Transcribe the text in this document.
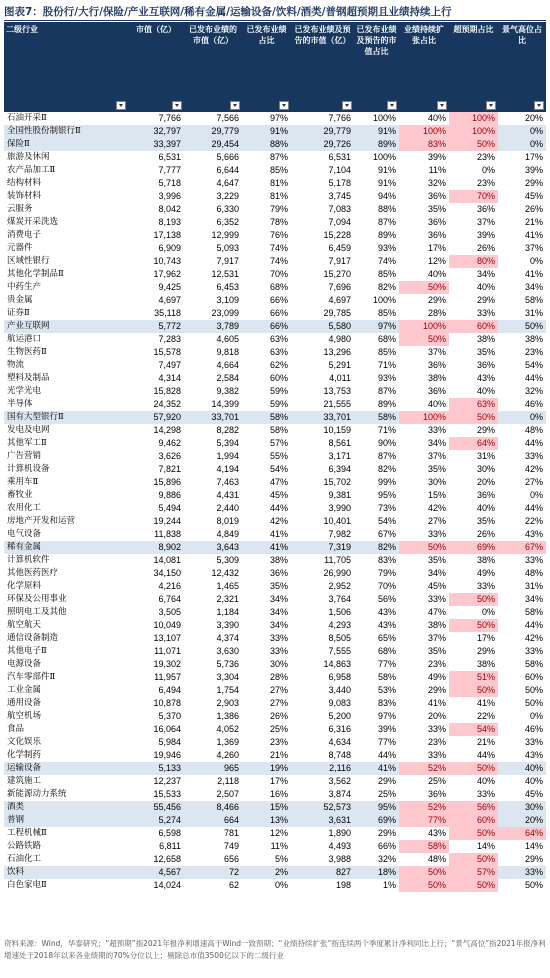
图表7：股份行/大行/保险/产业互联网/稀有金属/运输设备/饮料/酒类/普钢超预期且业绩持续上行
二级行业	市值（亿）	已发布业绩的市值（亿）	已发布业绩占比	已发布业绩及预告的市值（亿）	已发布业绩及预告的市值占比	业绩持续扩张占比	超预期占比	景气高位占比

石油开采Ⅱ	7,766	7,566	97%	7,766	100%	40%	100%	20%
全国性股份制银行Ⅱ	32,797	29,779	91%	29,779	91%	100%	100%	0%
保险Ⅱ	33,397	29,454	88%	29,726	89%	83%	50%	0%
旅游及休闲	6,531	5,666	87%	6,531	100%	39%	23%	17%
农产品加工Ⅱ	7,777	6,644	85%	7,104	91%	11%	0%	39%
结构材料	5,718	4,647	81%	5,178	91%	32%	23%	29%
装饰材料	3,996	3,229	81%	3,745	94%	36%	70%	45%
云服务	8,042	6,330	79%	7,083	88%	35%	36%	26%
煤炭开采洗选	8,193	6,352	78%	7,094	87%	36%	37%	21%
消费电子	17,138	12,999	76%	15,228	89%	36%	39%	41%
元器件	6,909	5,093	74%	6,459	93%	17%	26%	37%
区域性银行	10,743	7,917	74%	7,917	74%	12%	80%	0%
其他化学制品Ⅱ	17,962	12,531	70%	15,270	85%	40%	34%	41%
中药生产	9,425	6,453	68%	7,696	82%	50%	40%	34%
贵金属	4,697	3,109	66%	4,697	100%	29%	29%	58%
证券Ⅱ	35,118	23,099	66%	29,785	85%	28%	33%	31%
产业互联网	5,772	3,789	66%	5,580	97%	100%	60%	50%
航运港口	7,283	4,605	63%	4,980	68%	50%	38%	38%
生物医药Ⅱ	15,578	9,818	63%	13,296	85%	37%	35%	23%
物流	7,497	4,664	62%	5,291	71%	36%	36%	54%
塑料及制品	4,314	2,584	60%	4,011	93%	38%	43%	44%
光学光电	15,828	9,382	59%	13,753	87%	36%	40%	32%
半导体	24,352	14,399	59%	21,555	89%	40%	63%	46%
国有大型银行Ⅱ	57,920	33,701	58%	33,701	58%	100%	50%	0%
发电及电网	14,298	8,282	58%	10,159	71%	33%	29%	48%
其他军工Ⅱ	9,462	5,394	57%	8,561	90%	34%	64%	44%
广告营销	3,626	1,994	55%	3,171	87%	37%	31%	33%
计算机设备	7,821	4,194	54%	6,394	82%	35%	30%	42%
乘用车Ⅱ	15,896	7,463	47%	15,702	99%	30%	20%	27%
畜牧业	9,886	4,431	45%	9,381	95%	15%	36%	0%
农用化工	5,494	2,440	44%	3,990	73%	42%	40%	44%
房地产开发和运营	19,244	8,019	42%	10,401	54%	27%	35%	22%
电气设备	11,838	4,849	41%	7,982	67%	33%	26%	43%
稀有金属	8,902	3,643	41%	7,319	82%	50%	69%	67%
计算机软件	14,081	5,309	38%	11,705	83%	35%	38%	33%
其他医药医疗	34,150	12,432	36%	26,990	79%	34%	49%	48%
化学原料	4,216	1,465	35%	2,952	70%	45%	33%	31%
环保及公用事业	6,764	2,321	34%	3,764	56%	33%	50%	34%
照明电工及其他	3,505	1,184	34%	1,506	43%	47%	0%	58%
航空航天	10,049	3,390	34%	4,293	43%	38%	50%	44%
通信设备制造	13,107	4,374	33%	8,505	65%	37%	17%	42%
其他电子Ⅱ	11,071	3,630	33%	7,555	68%	35%	29%	33%
电源设备	19,302	5,736	30%	14,863	77%	23%	38%	58%
汽车零部件Ⅱ	11,957	3,304	28%	6,958	58%	49%	51%	60%
工业金属	6,494	1,754	27%	3,440	53%	29%	50%	50%
通用设备	10,878	2,903	27%	9,083	83%	41%	41%	50%
航空机场	5,370	1,386	26%	5,200	97%	20%	22%	0%
食品	16,064	4,052	25%	6,316	39%	33%	54%	46%
文化娱乐	5,984	1,369	23%	4,634	77%	23%	21%	33%
化学制药	19,946	4,260	21%	8,748	44%	33%	44%	43%
运输设备	5,133	965	19%	2,116	41%	52%	50%	40%
建筑施工	12,237	2,118	17%	3,562	29%	25%	40%	40%
新能源动力系统	15,533	2,507	16%	3,874	25%	36%	33%	45%
酒类	55,456	8,466	15%	52,573	95%	52%	56%	30%
普钢	5,274	664	13%	3,631	69%	77%	60%	20%
工程机械Ⅱ	6,598	781	12%	1,890	29%	43%	50%	64%
公路铁路	6,811	749	11%	4,493	66%	58%	14%	14%
石油化工	12,658	656	5%	3,988	32%	48%	50%	29%
饮料	4,567	72	2%	827	18%	50%	57%	33%
白色家电Ⅱ	14,024	62	0%	198	1%	50%	50%	50%
资料来源：Wind，华泰研究；“超预期”指2021年报净利增速高于Wind一致预期；“业绩持续扩张”指连续两个季度累计净利同比上行；“景气高位”指2021年报净利增速处于2018年以来各业绩期的70%分位以上；剔除总市值3500亿以下的二级行业
